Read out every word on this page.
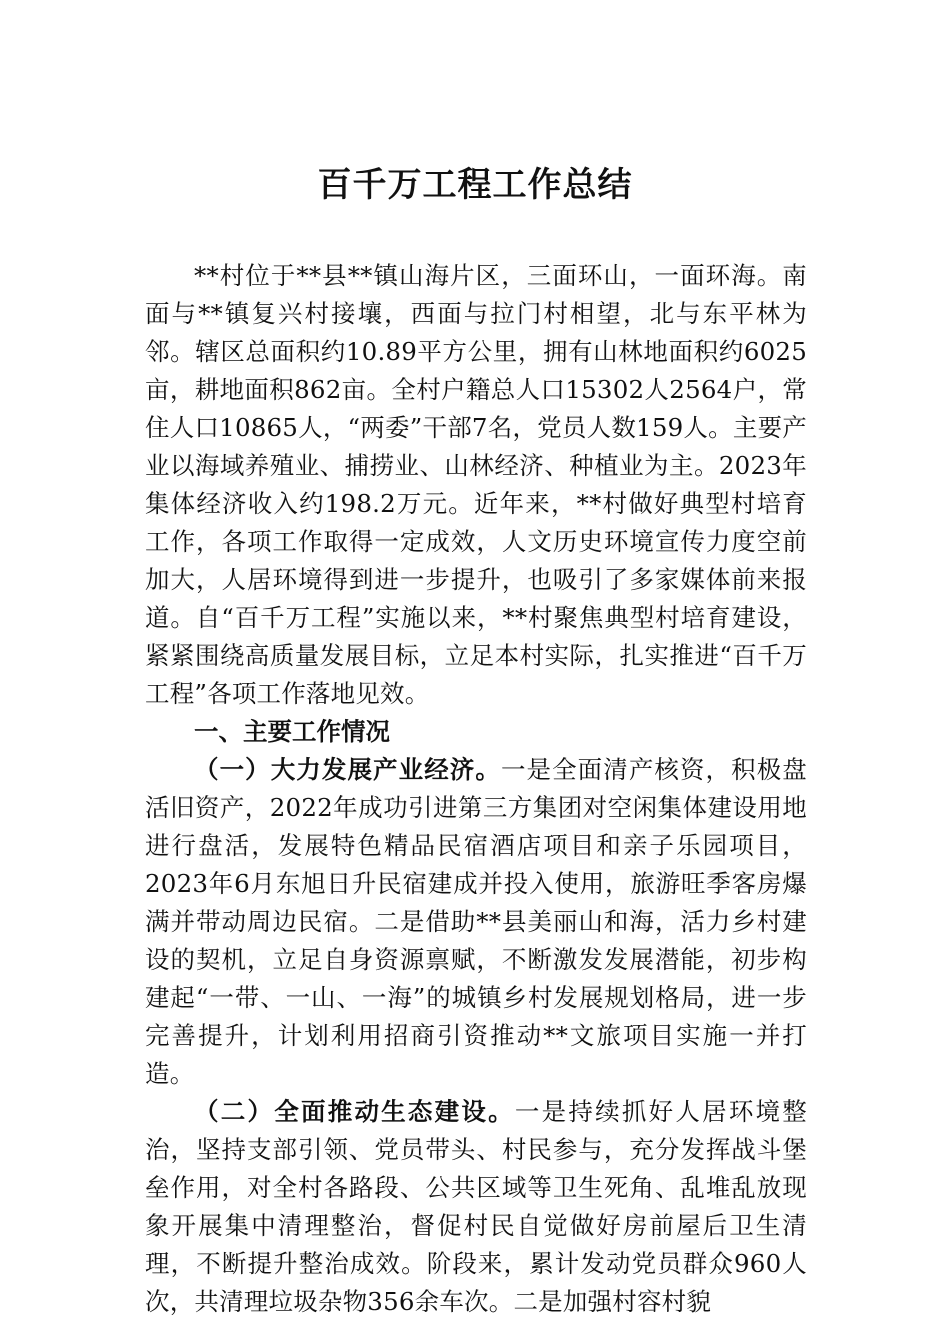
百千万工程工作总结

**村位于**县**镇山海片区，三面环山，一面环海。南面与**镇复兴村接壤，西面与拉门村相望，北与东平林为邻。辖区总面积约10.89平方公里，拥有山林地面积约6025亩，耕地面积862亩。全村户籍总人口15302人2564户，常住人口10865人，“两委”干部7名，党员人数159人。主要产业以海域养殖业、捕捞业、山林经济、种植业为主。2023年集体经济收入约198.2万元。近年来，**村做好典型村培育工作，各项工作取得一定成效，人文历史环境宣传力度空前加大，人居环境得到进一步提升，也吸引了多家媒体前来报道。自“百千万工程”实施以来，**村聚焦典型村培育建设，紧紧围绕高质量发展目标，立足本村实际，扎实推进“百千万工程”各项工作落地见效。

一、主要工作情况

（一）大力发展产业经济。一是全面清产核资，积极盘活旧资产，2022年成功引进第三方集团对空闲集体建设用地进行盘活，发展特色精品民宿酒店项目和亲子乐园项目，2023年6月东旭日升民宿建成并投入使用，旅游旺季客房爆满并带动周边民宿。二是借助**县美丽山和海，活力乡村建设的契机，立足自身资源禀赋，不断激发发展潜能，初步构建起“一带、一山、一海”的城镇乡村发展规划格局，进一步完善提升，计划利用招商引资推动**文旅项目实施一并打造。

（二）全面推动生态建设。一是持续抓好人居环境整治，坚持支部引领、党员带头、村民参与，充分发挥战斗堡垒作用，对全村各路段、公共区域等卫生死角、乱堆乱放现象开展集中清理整治，督促村民自觉做好房前屋后卫生清理，不断提升整治成效。阶段来，累计发动党员群众960人次，共清理垃圾杂物356余车次。二是加强村容村貌
